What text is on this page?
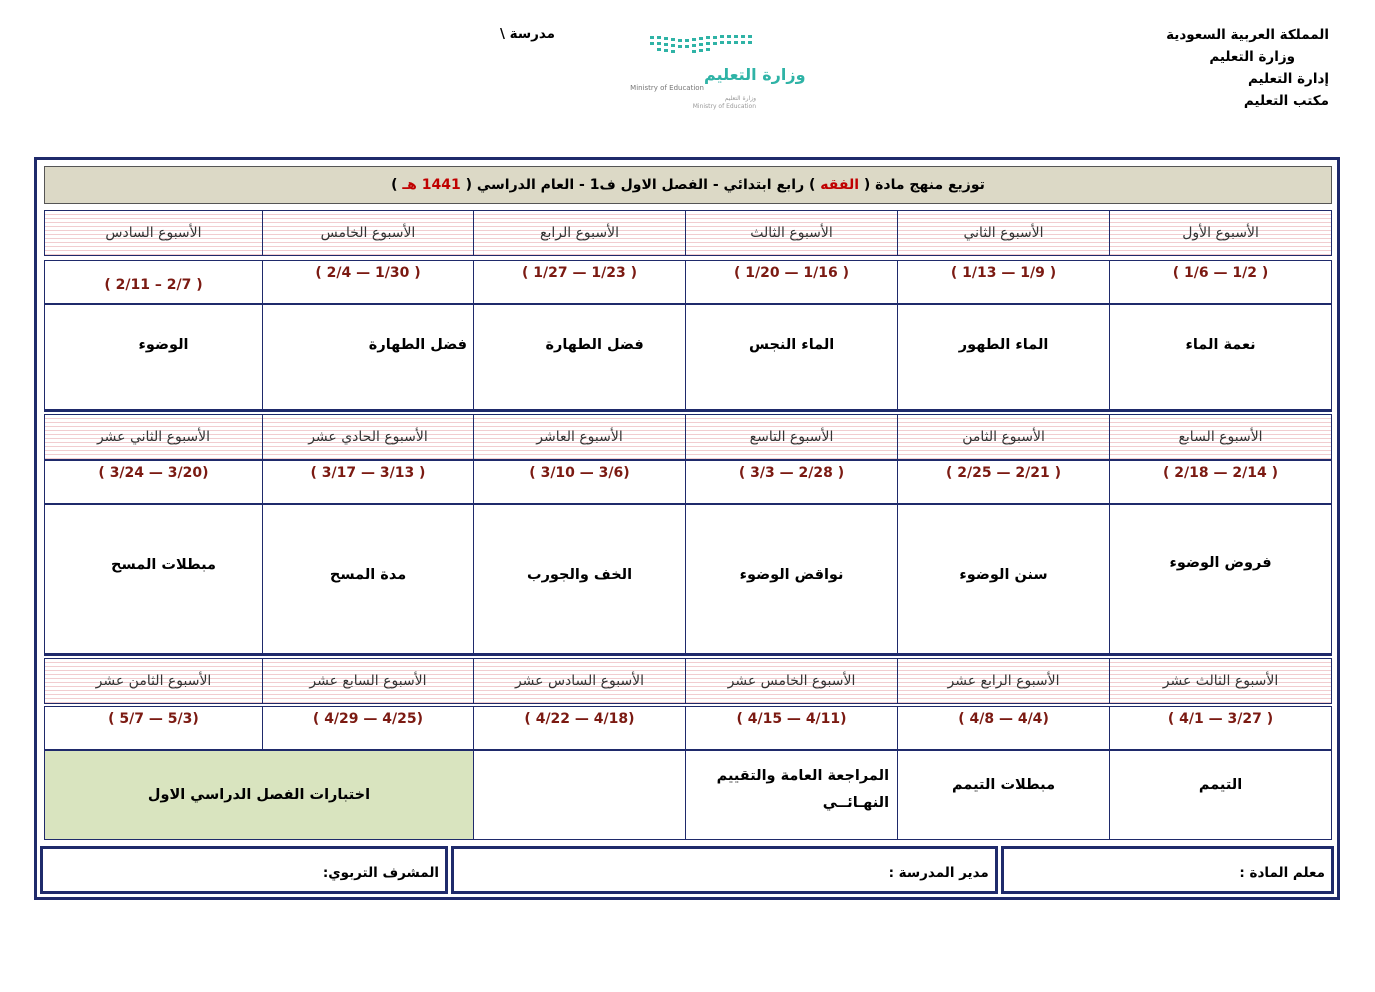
المملكة العربية السعودية
وزارة التعليم
إدارة التعليم
مكتب التعليم
مدرسة \
وزارة التعليم
Ministry of Education
وزارة التعليم
Ministry of Education
توزيع منهج مادة ( الفقه ) رابع ابتدائي - الفصل الاول ف1 - العام الدراسي ( 1441 هـ )
الأسبوع الأول
الأسبوع الثاني
الأسبوع الثالث
الأسبوع الرابع
الأسبوع الخامس
الأسبوع السادس
( 1/2 — 1/6 )
( 1/9 — 1/13 )
( 1/16 — 1/20 )
( 1/23 — 1/27 )
( 1/30 — 2/4 )
( 2/7 – 2/11 )
نعمة الماء
الماء الطهور
الماء النجس
فضل الطهارة
فضل الطهارة
الوضوء
الأسبوع السابع
الأسبوع الثامن
الأسبوع التاسع
الأسبوع العاشر
الأسبوع الحادي عشر
الأسبوع الثاني عشر
( 2/14 — 2/18 )
( 2/21 — 2/25 )
( 2/28 — 3/3 )
(3/6 — 3/10 )
( 3/13 — 3/17 )
(3/20 — 3/24 )
فروض الوضوء
سنن الوضوء
نواقض الوضوء
الخف والجورب
مدة المسح
مبطلات المسح
الأسبوع الثالث عشر
الأسبوع الرابع عشر
الأسبوع الخامس عشر
الأسبوع السادس عشر
الأسبوع السابع عشر
الأسبوع الثامن عشر
( 3/27 — 4/1 )
(4/4 — 4/8 )
(4/11 — 4/15 )
(4/18 — 4/22 )
(4/25 — 4/29 )
(5/3 — 5/7 )
التيمم
مبطلات التيمم
المراجعة العامة والتقييم النهـائــي
اختبارات الفصل الدراسي الاول
معلم المادة :
مدير المدرسة :
المشرف التربوي:
